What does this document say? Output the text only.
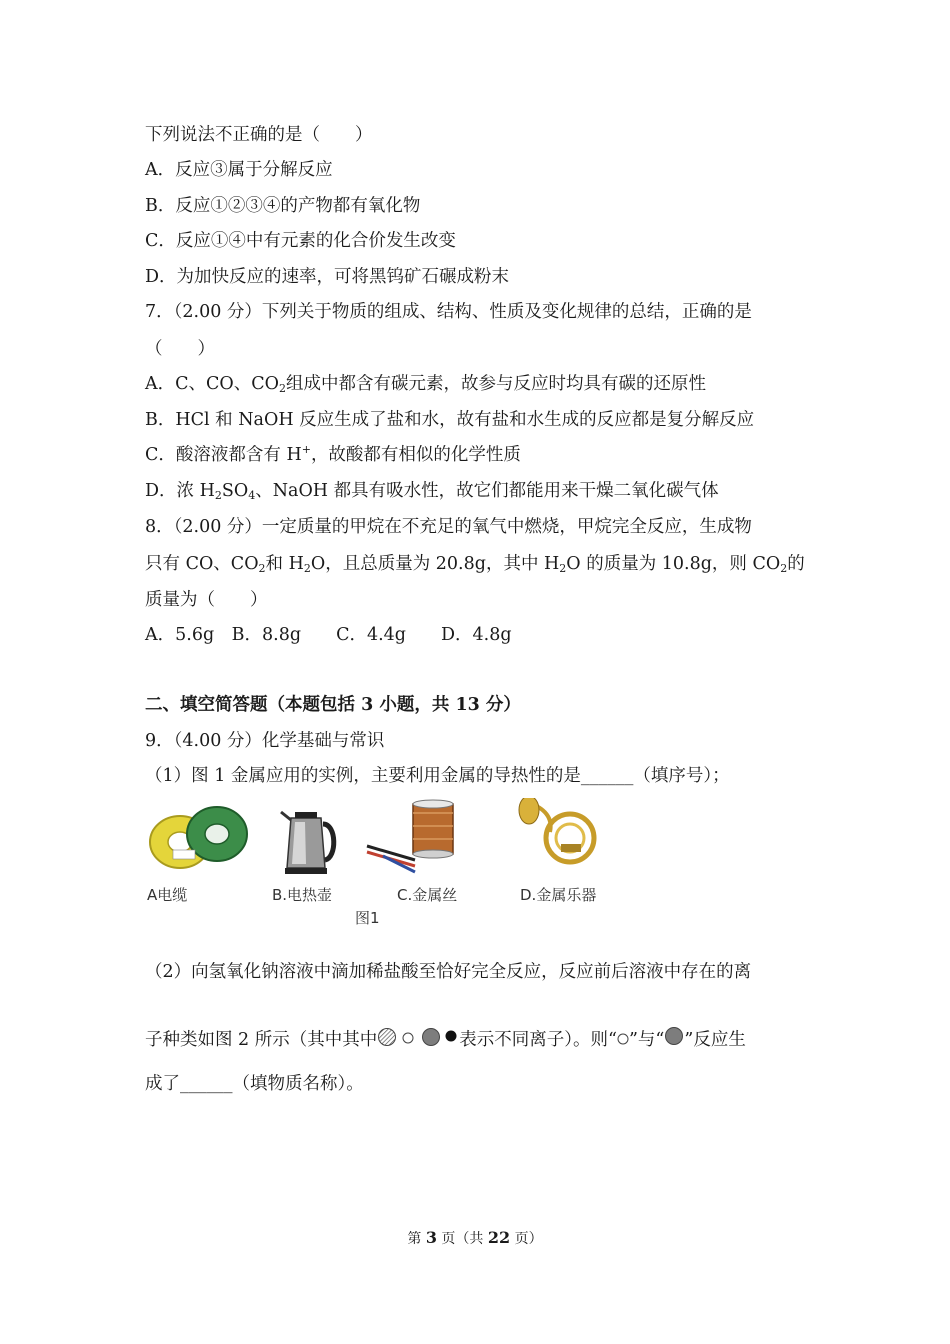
下列说法不正确的是（　　）
A．反应③属于分解反应
B．反应①②③④的产物都有氧化物
C．反应①④中有元素的化合价发生改变
D．为加快反应的速率，可将黑钨矿石碾成粉末
7．（2.00 分）下列关于物质的组成、结构、性质及变化规律的总结，正确的是
（　　）
A．C、CO、$CO_2$组成中都含有碳元素，故参与反应时均具有碳的还原性
B．HCl 和 NaOH 反应生成了盐和水，故有盐和水生成的反应都是复分解反应
C．酸溶液都含有 H+，故酸都有相似的化学性质
D．浓 $H_2SO_4$、NaOH 都具有吸水性，故它们都能用来干燥二氧化碳气体
8．（2.00 分）一定质量的甲烷在不充足的氧气中燃烧，甲烷完全反应，生成物
只有 CO、$CO_2$和 $H_2O$，且总质量为 20.8g，其中 $H_2O$ 的质量为 10.8g，则 $CO_2$的
质量为（　　）
A．5.6g　B．8.8g　　C．4.4g　　D．4.8g
二、填空简答题（本题包括 3 小题，共 13 分）
9．（4.00 分）化学基础与常识
（1）图 1 金属应用的实例，主要利用金属的导热性的是______（填序号）；
A电缆	B.电热壶	C.金属丝	D.金属乐器
图1
（2）向氢氧化钠溶液中滴加稀盐酸至恰好完全反应，反应前后溶液中存在的离
子种类如图 2 所示（其中其中	表示不同离子）。则“ ”与“ ”反应生
成了______（填物质名称）。
第 3 页（共 22 页）
